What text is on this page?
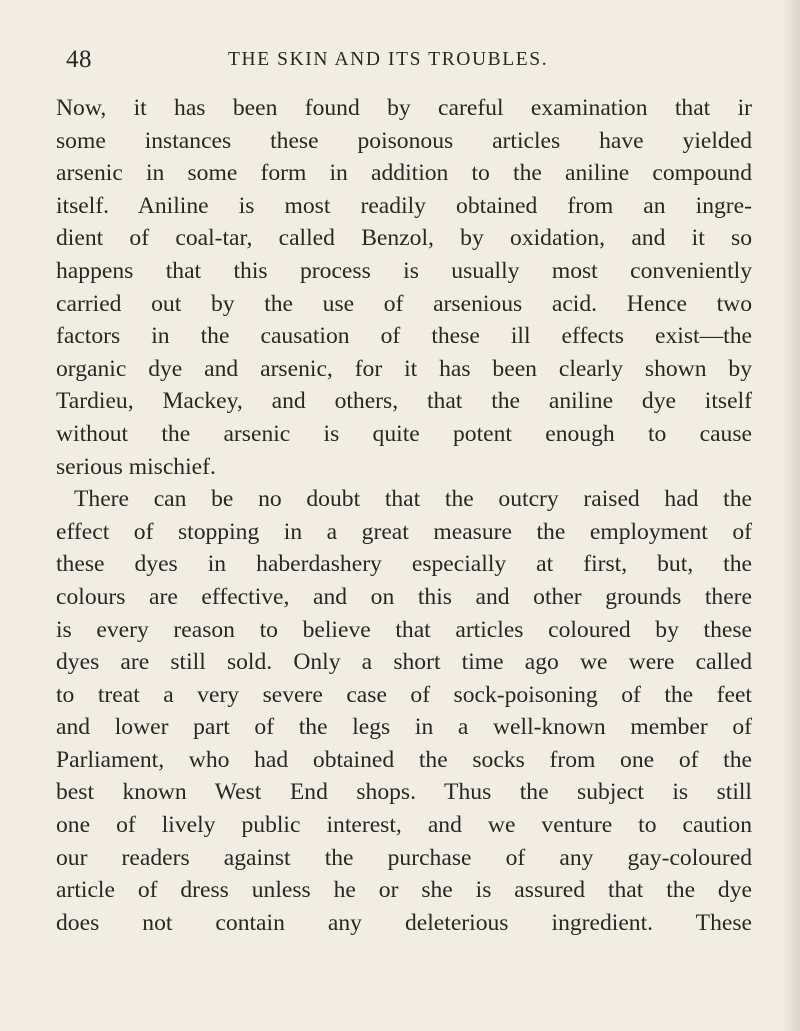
48	THE SKIN AND ITS TROUBLES.
Now, it has been found by careful examination that ir
some instances these poisonous articles have yielded
arsenic in some form in addition to the aniline compound
itself. Aniline is most readily obtained from an ingre-
dient of coal-tar, called Benzol, by oxidation, and it so
happens that this process is usually most conveniently
carried out by the use of arsenious acid. Hence two
factors in the causation of these ill effects exist—the
organic dye and arsenic, for it has been clearly shown by
Tardieu, Mackey, and others, that the aniline dye itself
without the arsenic is quite potent enough to cause
serious mischief.
There can be no doubt that the outcry raised had the
effect of stopping in a great measure the employment of
these dyes in haberdashery especially at first, but, the
colours are effective, and on this and other grounds there
is every reason to believe that articles coloured by these
dyes are still sold. Only a short time ago we were called
to treat a very severe case of sock-poisoning of the feet
and lower part of the legs in a well-known member of
Parliament, who had obtained the socks from one of the
best known West End shops. Thus the subject is still
one of lively public interest, and we venture to caution
our readers against the purchase of any gay-coloured
article of dress unless he or she is assured that the dye
does not contain any deleterious ingredient. These
